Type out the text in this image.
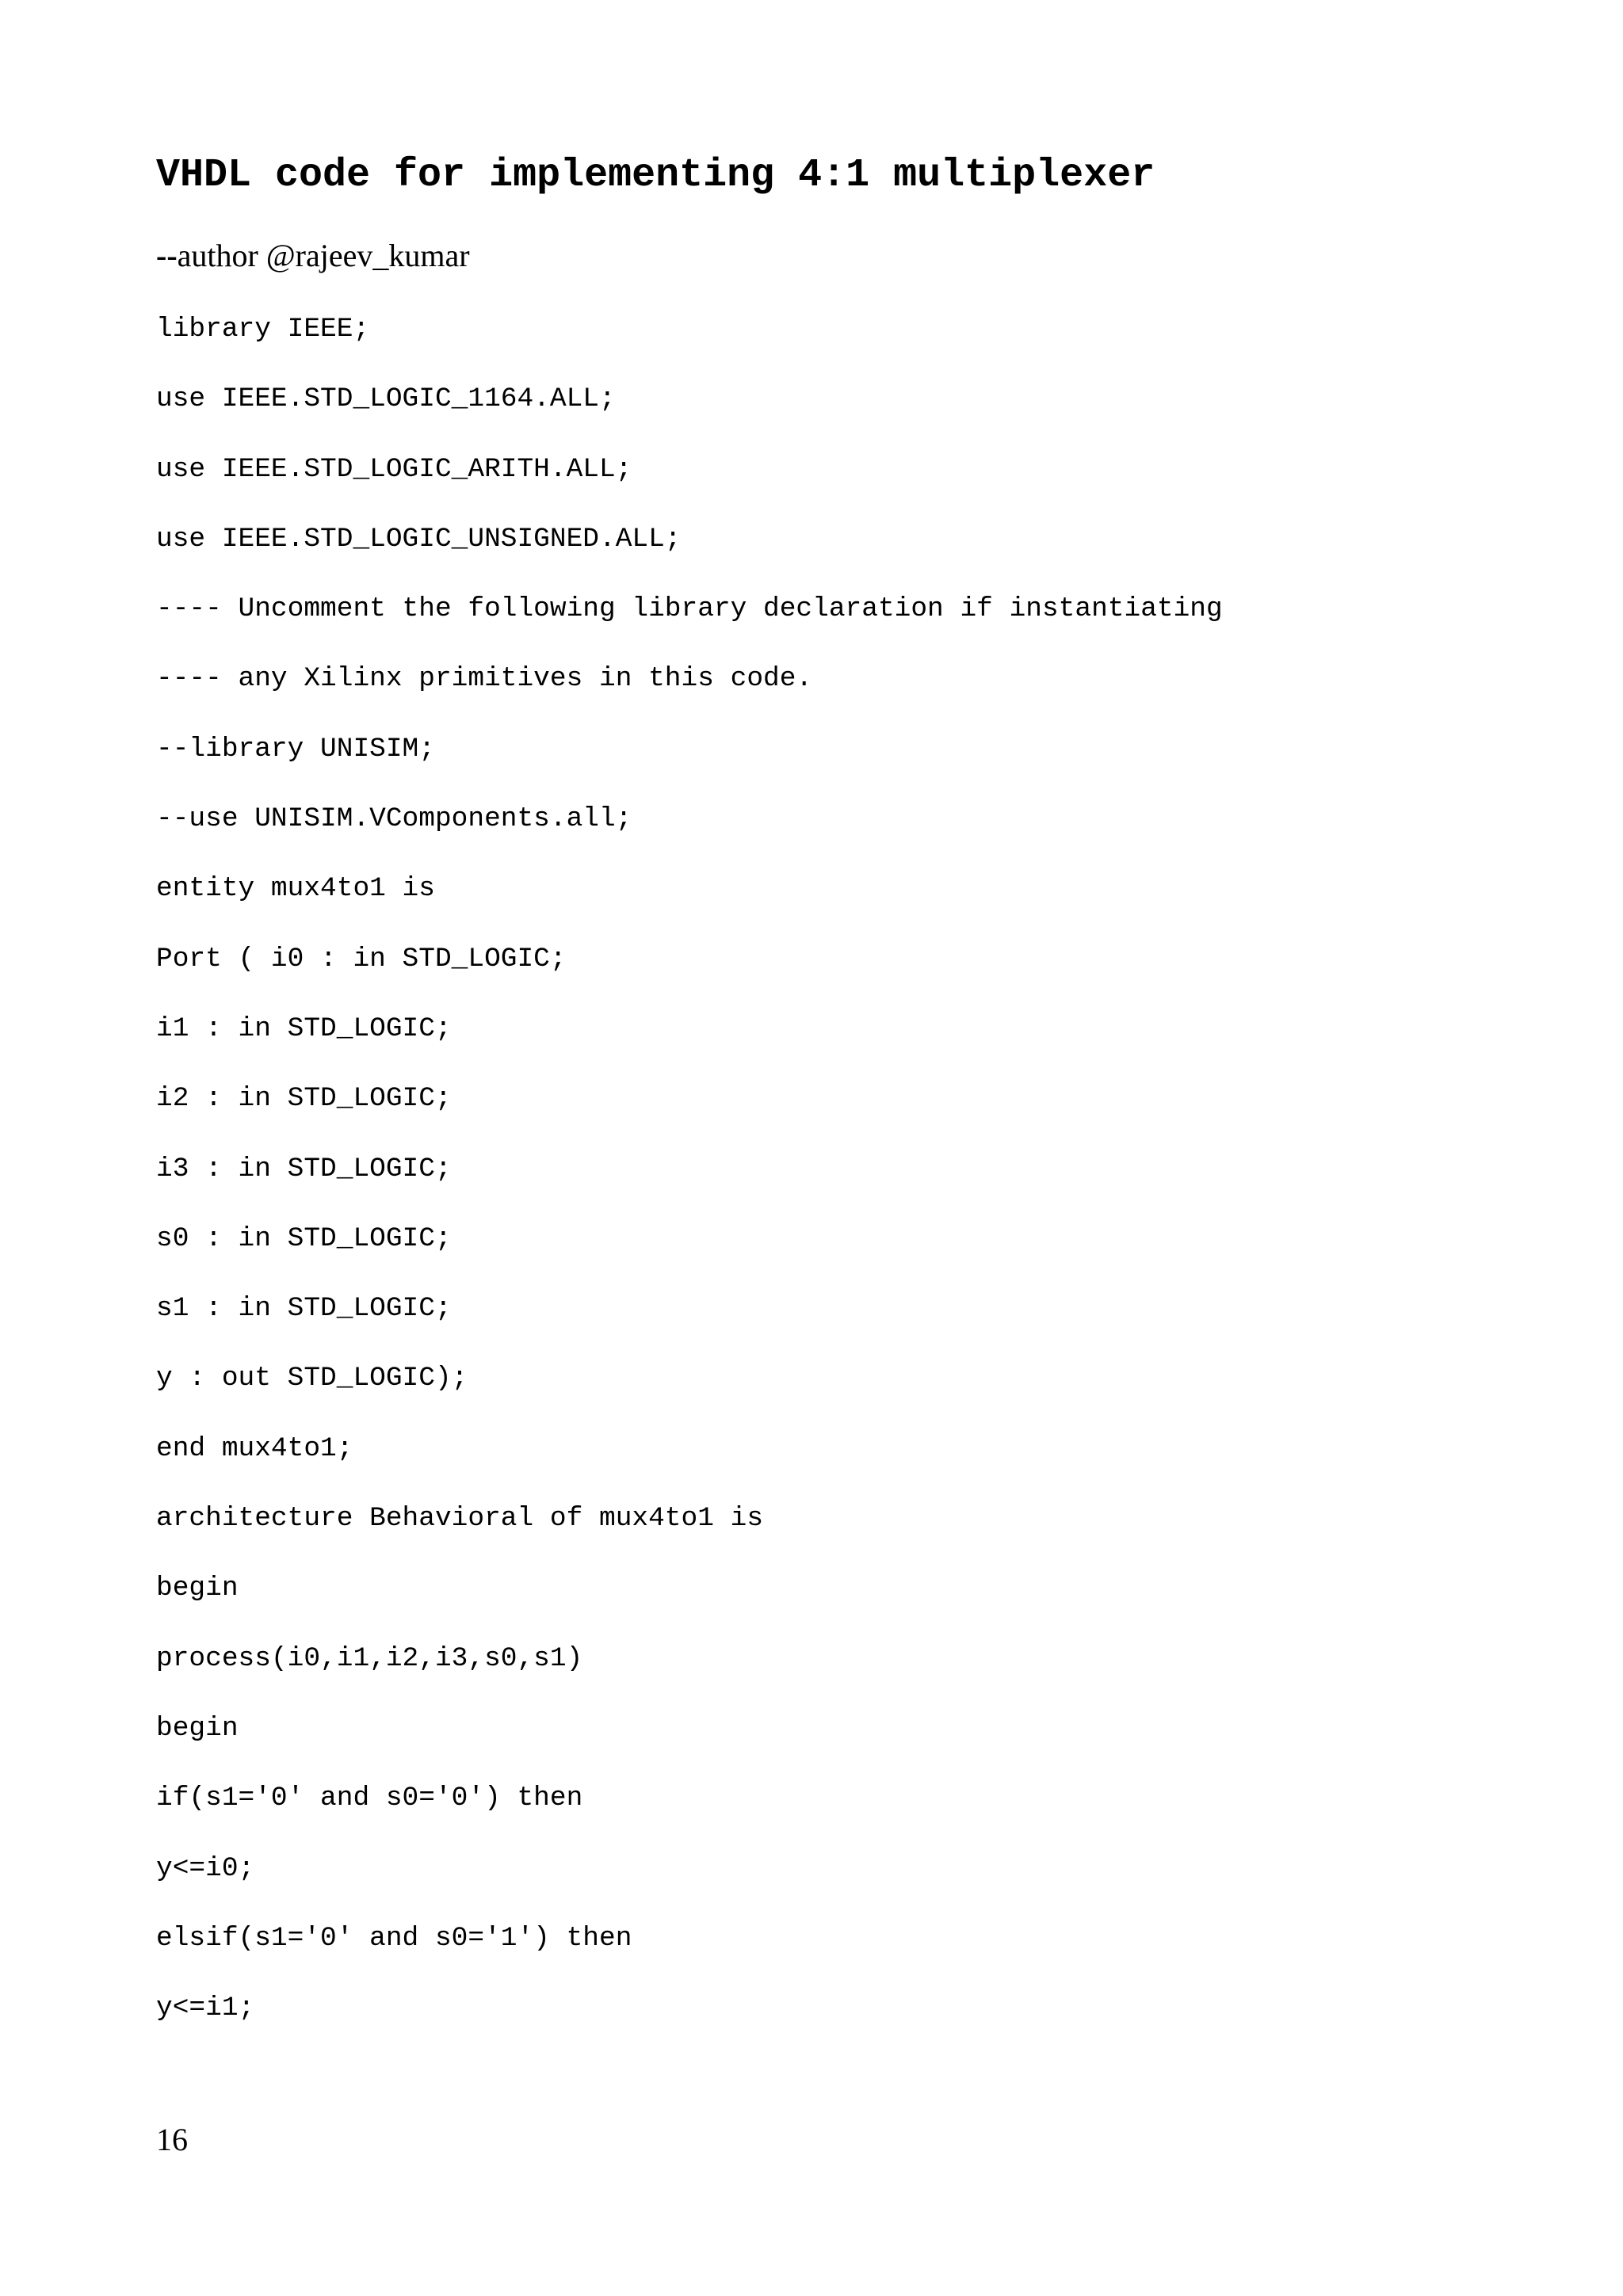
VHDL code for implementing 4:1 multiplexer
--author @rajeev_kumar
library IEEE;
use IEEE.STD_LOGIC_1164.ALL;
use IEEE.STD_LOGIC_ARITH.ALL;
use IEEE.STD_LOGIC_UNSIGNED.ALL;
---- Uncomment the following library declaration if instantiating
---- any Xilinx primitives in this code.
--library UNISIM;
--use UNISIM.VComponents.all;
entity mux4to1 is
Port ( i0 : in STD_LOGIC;
i1 : in STD_LOGIC;
i2 : in STD_LOGIC;
i3 : in STD_LOGIC;
s0 : in STD_LOGIC;
s1 : in STD_LOGIC;
y : out STD_LOGIC);
end mux4to1;
architecture Behavioral of mux4to1 is
begin
process(i0,i1,i2,i3,s0,s1)
begin
if(s1='0' and s0='0') then
y<=i0;
elsif(s1='0' and s0='1') then
y<=i1;
16
